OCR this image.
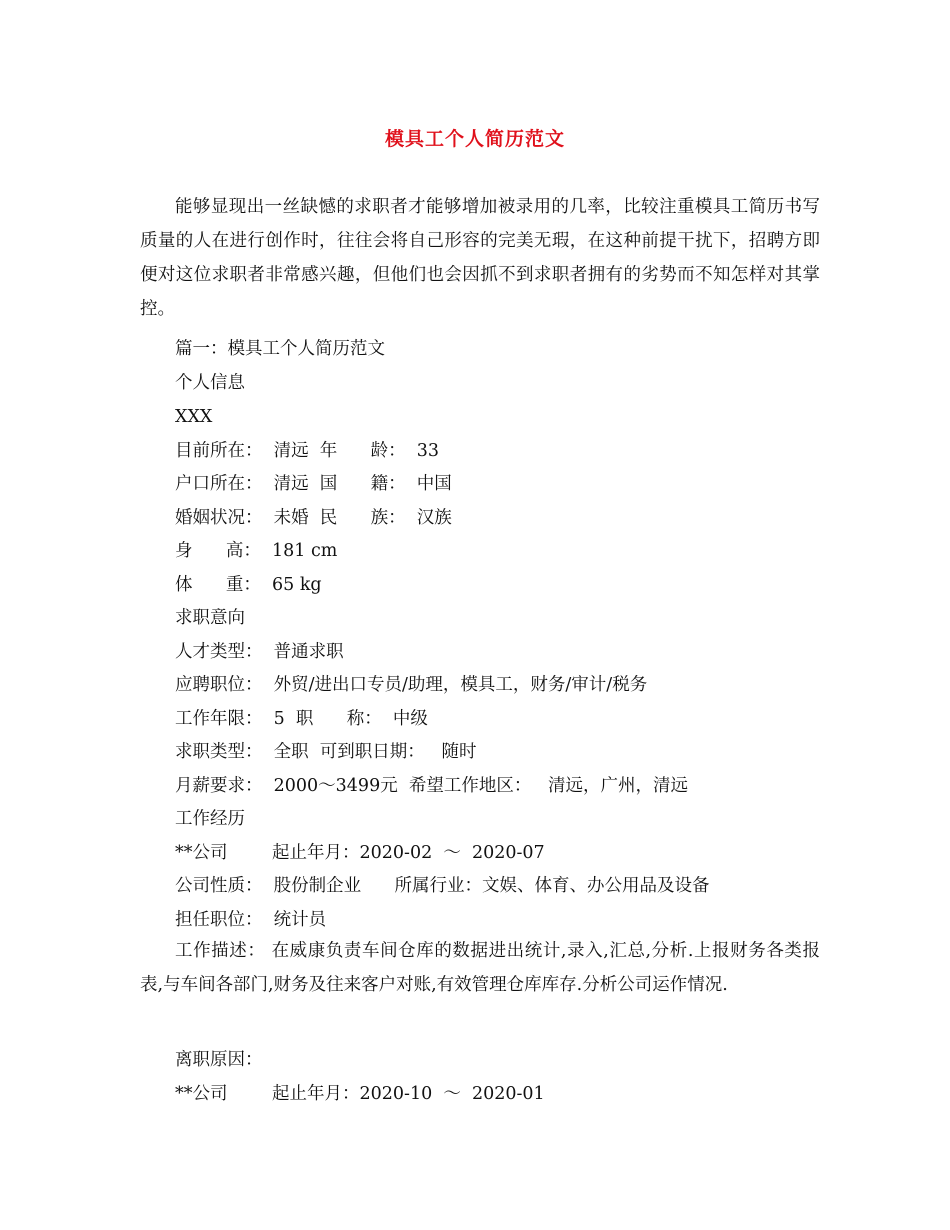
模具工个人简历范文
能够显现出一丝缺憾的求职者才能够增加被录用的几率，比较注重模具工简历书写质量的人在进行创作时，往往会将自己形容的完美无瑕，在这种前提干扰下，招聘方即便对这位求职者非常感兴趣，但他们也会因抓不到求职者拥有的劣势而不知怎样对其掌控。
篇一：模具工个人简历范文
个人信息
XXX
目前所在：  清远  年      龄：  33
户口所在：  清远  国      籍：  中国
婚姻状况：  未婚  民      族：  汉族
身      高：  181 cm
体      重：  65 kg
求职意向
人才类型：  普通求职
应聘职位：  外贸/进出口专员/助理，模具工，财务/审计/税务
工作年限：  5  职      称：  中级
求职类型：  全职  可到职日期：   随时
月薪要求：  2000～3499元  希望工作地区：   清远，广州，清远
工作经历
**公司        起止年月：2020-02  ～  2020-07
公司性质：  股份制企业      所属行业：文娱、体育、办公用品及设备
担任职位：  统计员
工作描述： 在威康负责车间仓库的数据进出统计,录入,汇总,分析.上报财务各类报表,与车间各部门,财务及往来客户对账,有效管理仓库库存.分析公司运作情况.
离职原因：
**公司        起止年月：2020-10  ～  2020-01
